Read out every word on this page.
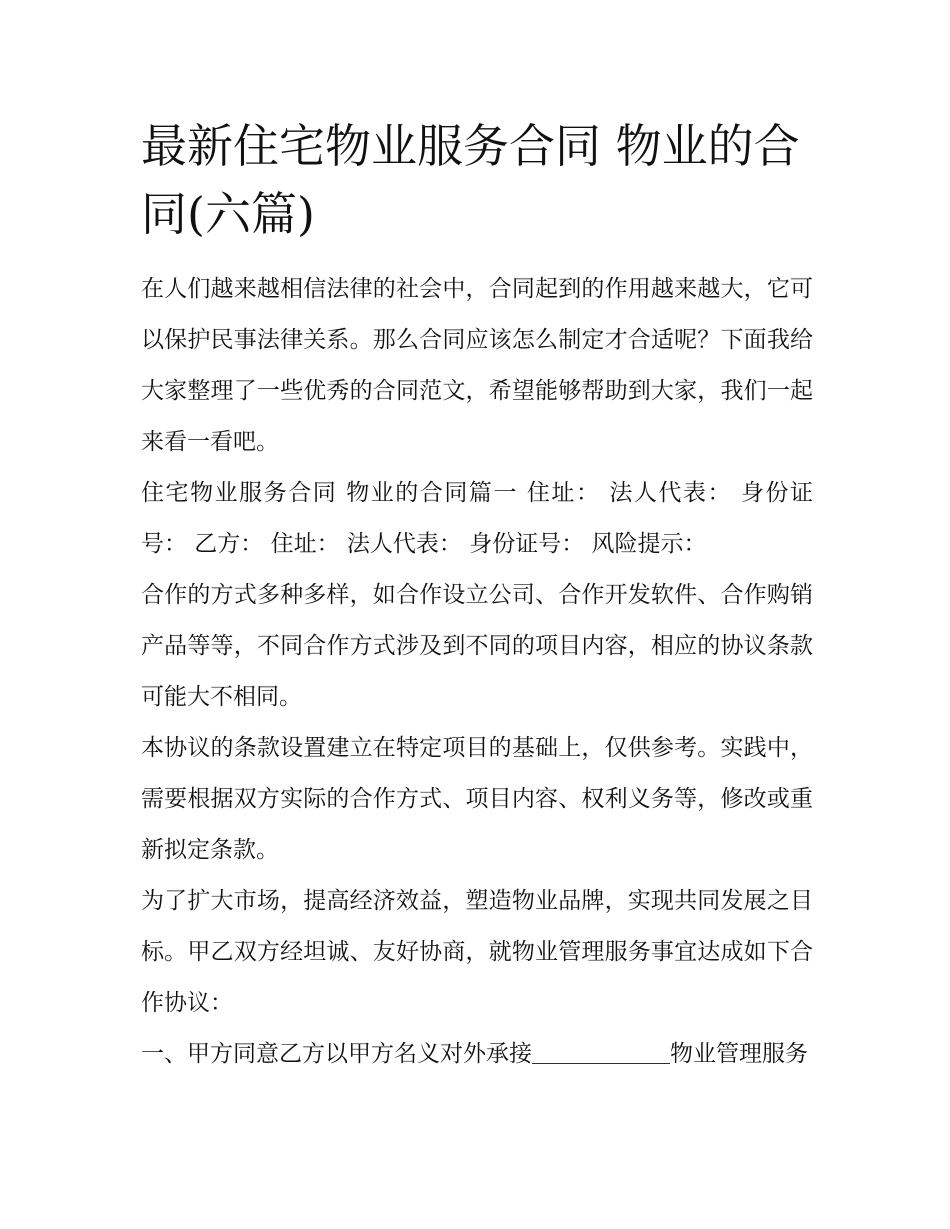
最新住宅物业服务合同 物业的合同(六篇)

在人们越来越相信法律的社会中，合同起到的作用越来越大，它可以保护民事法律关系。那么合同应该怎么制定才合适呢？下面我给大家整理了一些优秀的合同范文，希望能够帮助到大家，我们一起来看一看吧。

住宅物业服务合同 物业的合同篇一 住址： 法人代表： 身份证号： 乙方： 住址： 法人代表： 身份证号： 风险提示：

合作的方式多种多样，如合作设立公司、合作开发软件、合作购销产品等等，不同合作方式涉及到不同的项目内容，相应的协议条款可能大不相同。

本协议的条款设置建立在特定项目的基础上，仅供参考。实践中，需要根据双方实际的合作方式、项目内容、权利义务等，修改或重新拟定条款。

为了扩大市场，提高经济效益，塑造物业品牌，实现共同发展之目标。甲乙双方经坦诚、友好协商，就物业管理服务事宜达成如下合作协议：

一、甲方同意乙方以甲方名义对外承接＿＿＿＿＿＿物业管理服务
